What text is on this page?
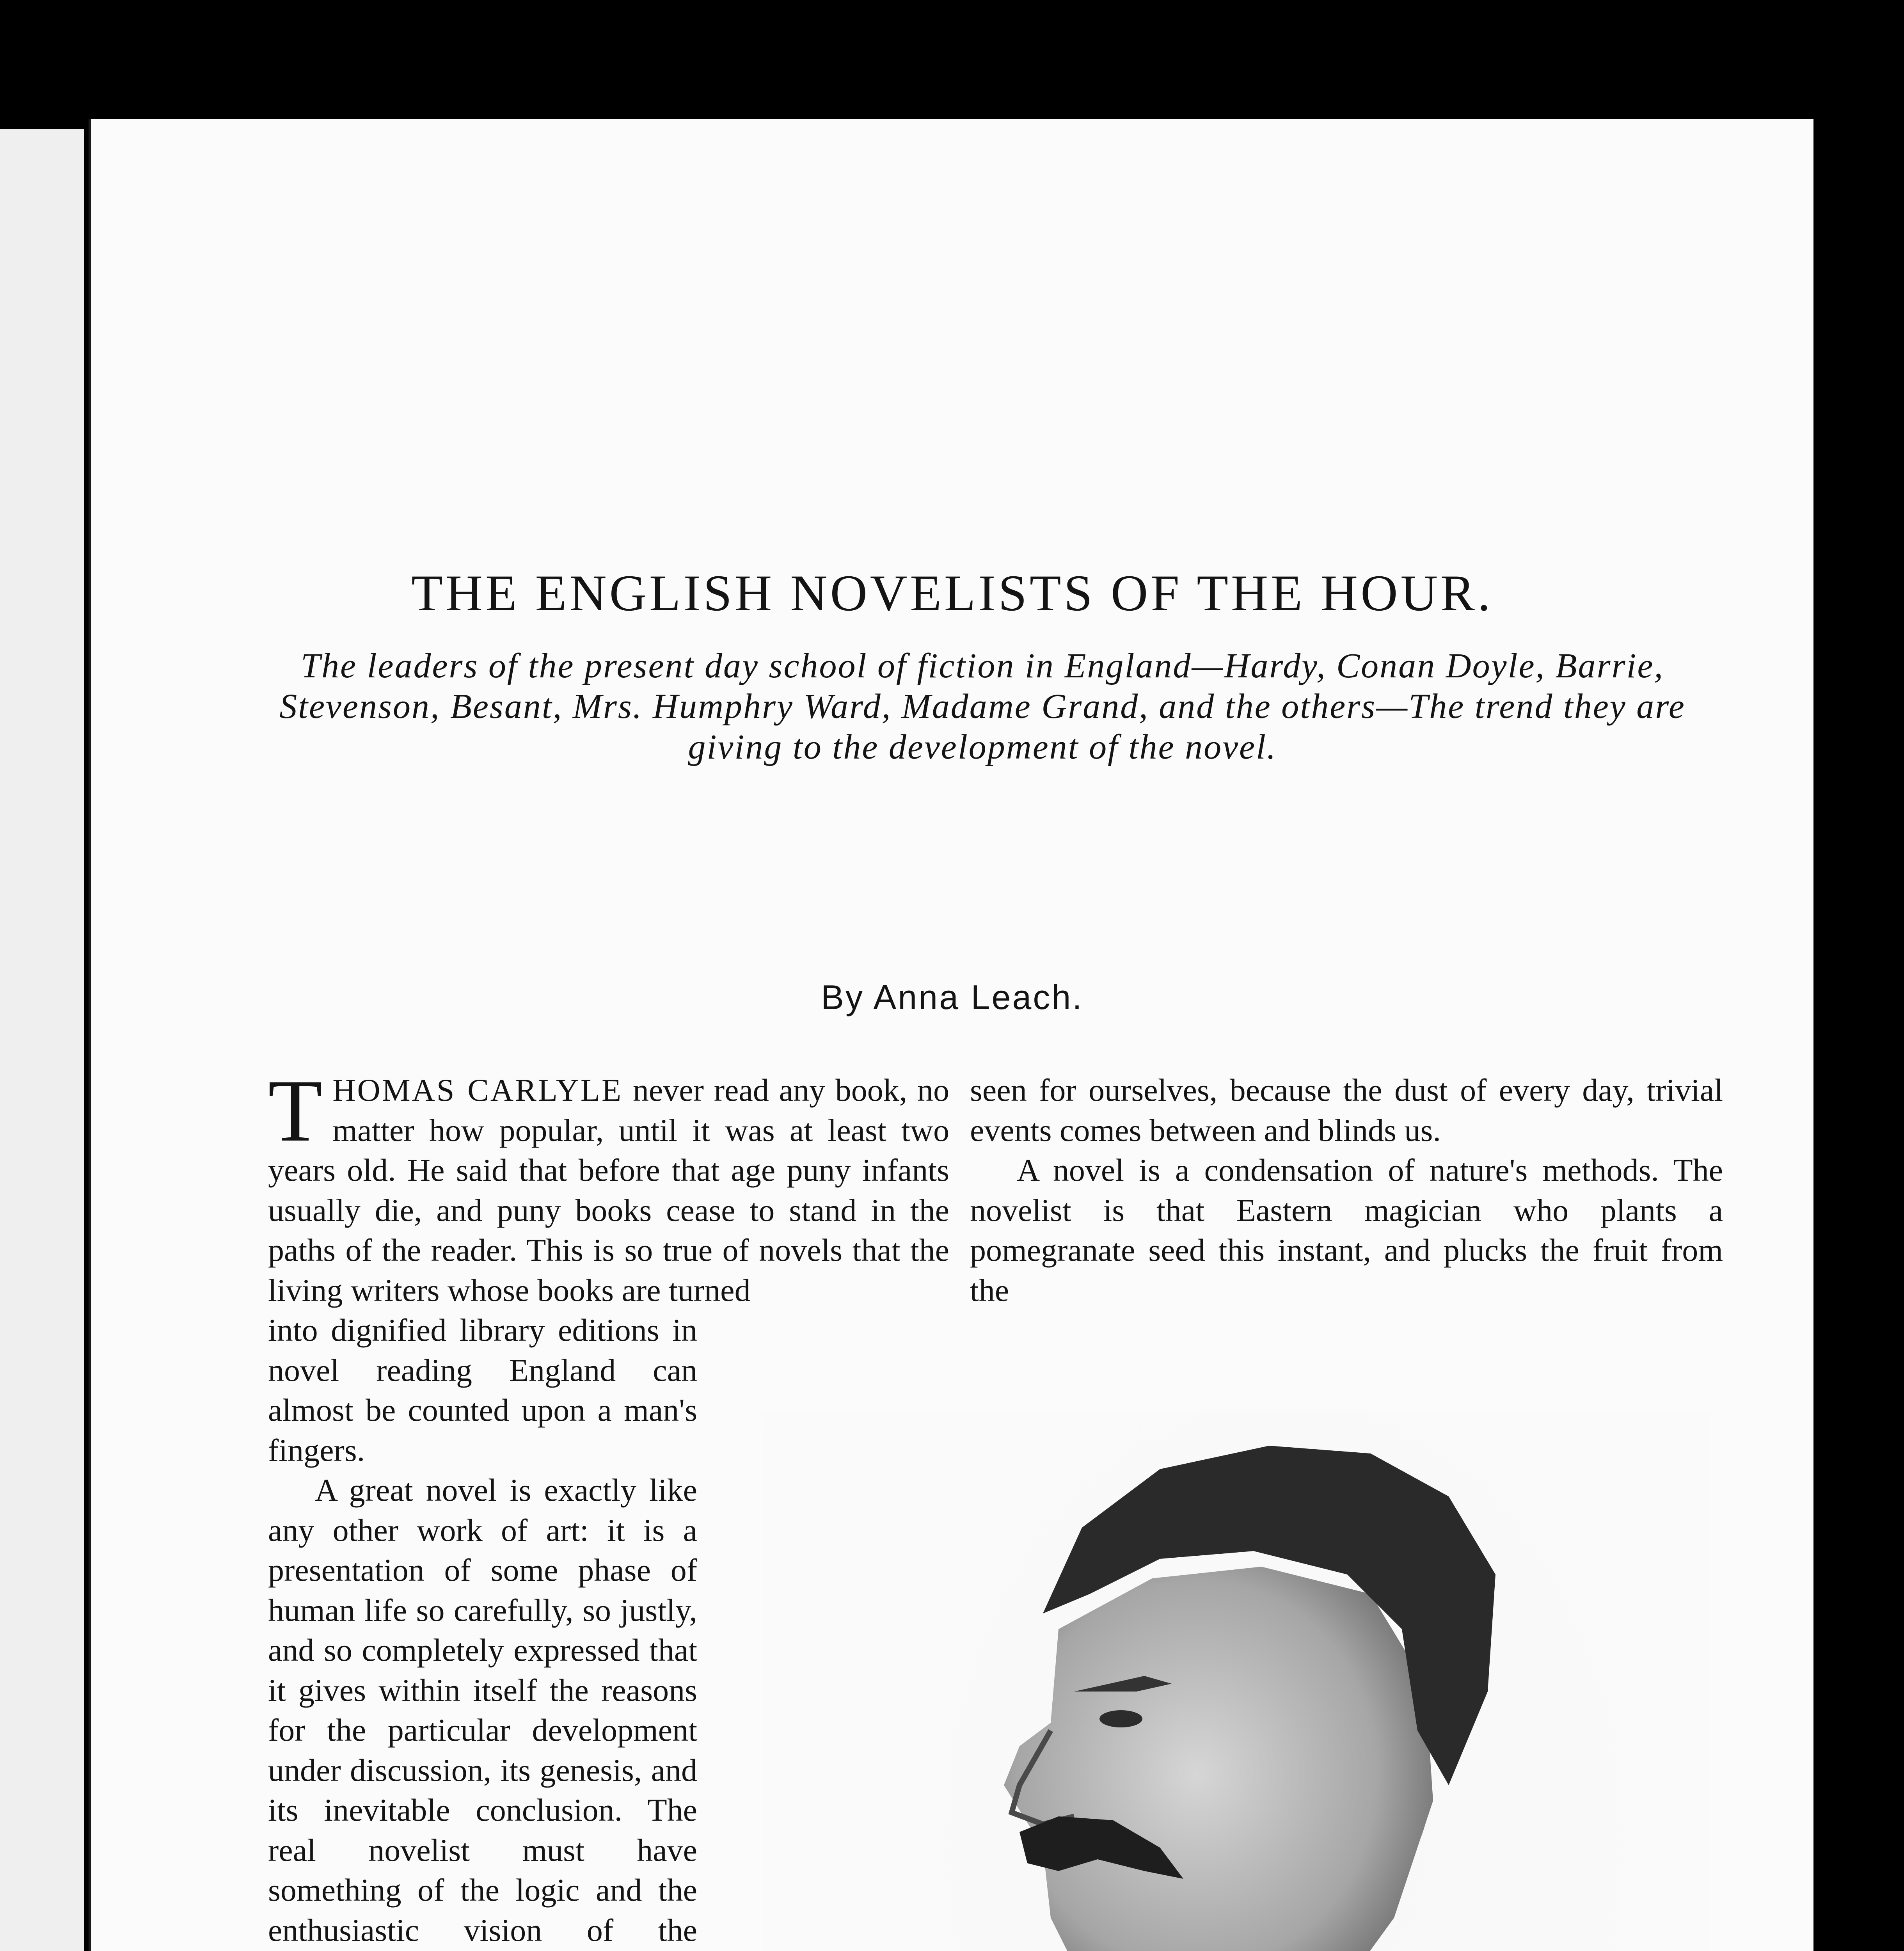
THE ENGLISH NOVELISTS OF THE HOUR.
The leaders of the present day school of fiction in England—Hardy, Conan Doyle, Barrie, Stevenson, Besant, Mrs. Humphry Ward, Madame Grand, and the others—The trend they are giving to the development of the novel.
By Anna Leach.

THOMAS CARLYLE never read any book, no matter how popular, until it was at least two years old. He said that before that age puny infants usually die, and puny books cease to stand in the paths of the reader. This is so true of novels that the living writers whose books are turned

into dignified library editions in novel reading England can almost be counted upon a man's fingers.

A great novel is exactly like any other work of art: it is a presentation of some phase of human life so carefully, so justly, and so completely expressed that it gives within itself the reasons for the particular development under discussion, its genesis, and its inevitable conclusion. The real novelist must have something of the logic and the enthusiastic vision of the

seen for ourselves, because the dust of every day, trivial events comes between and blinds us.

A novel is a condensation of nature's methods. The novelist is that Eastern magician who plants a pomegranate seed this instant, and plucks the fruit from the
